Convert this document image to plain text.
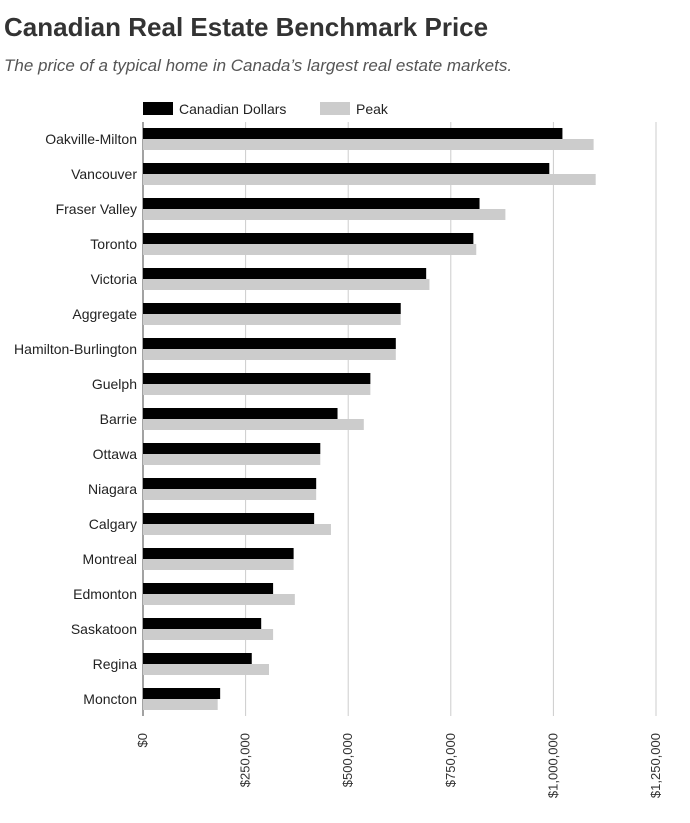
Canadian Real Estate Benchmark Price

The price of a typical home in Canada’s largest real estate markets.

Canadian Dollars	Peak
Oakville-Milton
Vancouver
Fraser Valley
Toronto
Victoria
Aggregate
Hamilton-Burlington
Guelph
Barrie
Ottawa
Niagara
Calgary
Montreal
Edmonton
Saskatoon
Regina
Moncton
$0	$250,000	$500,000	$750,000	$1,000,000	$1,250,000
